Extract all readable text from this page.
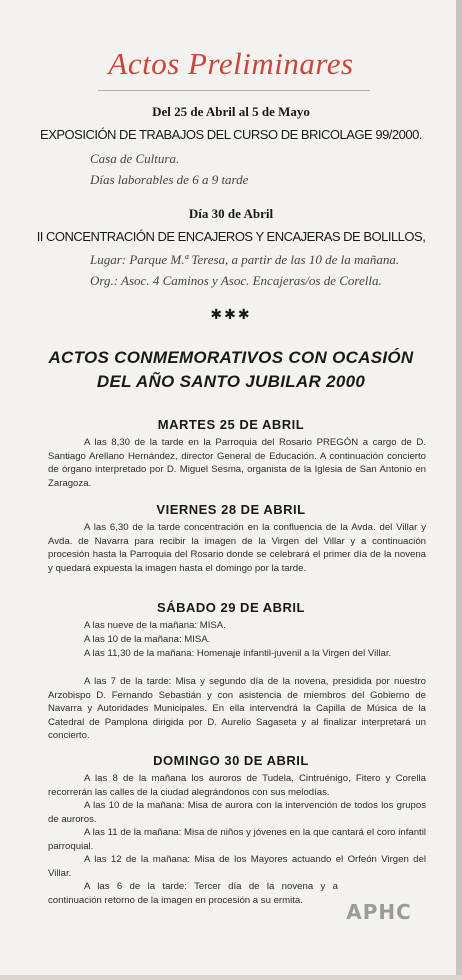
Actos Preliminares
Del 25 de Abril al 5 de Mayo
EXPOSICIÓN DE TRABAJOS DEL CURSO DE BRICOLAGE 99/2000.
Casa de Cultura.
Días laborables de 6 a 9 tarde
Día 30 de Abril
II CONCENTRACIÓN DE ENCAJEROS Y ENCAJERAS DE BOLILLOS,
Lugar: Parque M.ª Teresa, a partir de las 10 de la mañana.
Org.: Asoc. 4 Caminos y Asoc. Encajeras/os de Corella.
✱✱✱
ACTOS CONMEMORATIVOS CON OCASIÓN
DEL AÑO SANTO JUBILAR 2000
MARTES 25 DE ABRIL
A las 8,30 de la tarde en la Parroquia del Rosario PREGÓN a cargo de D. Santiago Arellano Hernández, director General de Educación. A continuación concierto de órgano interpretado por D. Miguel Sesma, organista de la Iglesia de San Antonio en Zaragoza.
VIERNES 28 DE ABRIL
A las 6,30 de la tarde concentración en la confluencia de la Avda. del Villar y Avda. de Navarra para recibir la imagen de la Virgen del Villar y a continuación procesión hasta la Parroquia del Rosario donde se celebrará el primer día de la novena y quedará expuesta la imagen hasta el domingo por la tarde.
SÁBADO 29 DE ABRIL
A las nueve de la mañana: MISA.
A las 10 de la mañana: MISA.
A las 11,30 de la mañana: Homenaje infantil-juvenil a la Virgen del Villar.
A las 7 de la tarde: Misa y segundo día de la novena, presidida por nuestro Arzobispo D. Fernando Sebastián y con asistencia de miembros del Gobierno de Navarra y Autoridades Municipales. En ella intervendrá la Capilla de Música de la Catedral de Pamplona dirigida por D. Aurelio Sagaseta y al finalizar interpretará un concierto.
DOMINGO 30 DE ABRIL
A las 8 de la mañana los auroros de Tudela, Cintruénigo, Fitero y Corella recorrerán las calles de la ciudad alegrándonos con sus melodías.
A las 10 de la mañana: Misa de aurora con la intervención de todos los grupos de auroros.
A las 11 de la mañana: Misa de niños y jóvenes en la que cantará el coro infantil parroquial.
A las 12 de la mañana: Misa de los Mayores actuando el Orfeón Virgen del Villar.
A las 6 de la tarde: Tercer día de la novena y a continuación retorno de la imagen en procesión a su ermita.	APHC
